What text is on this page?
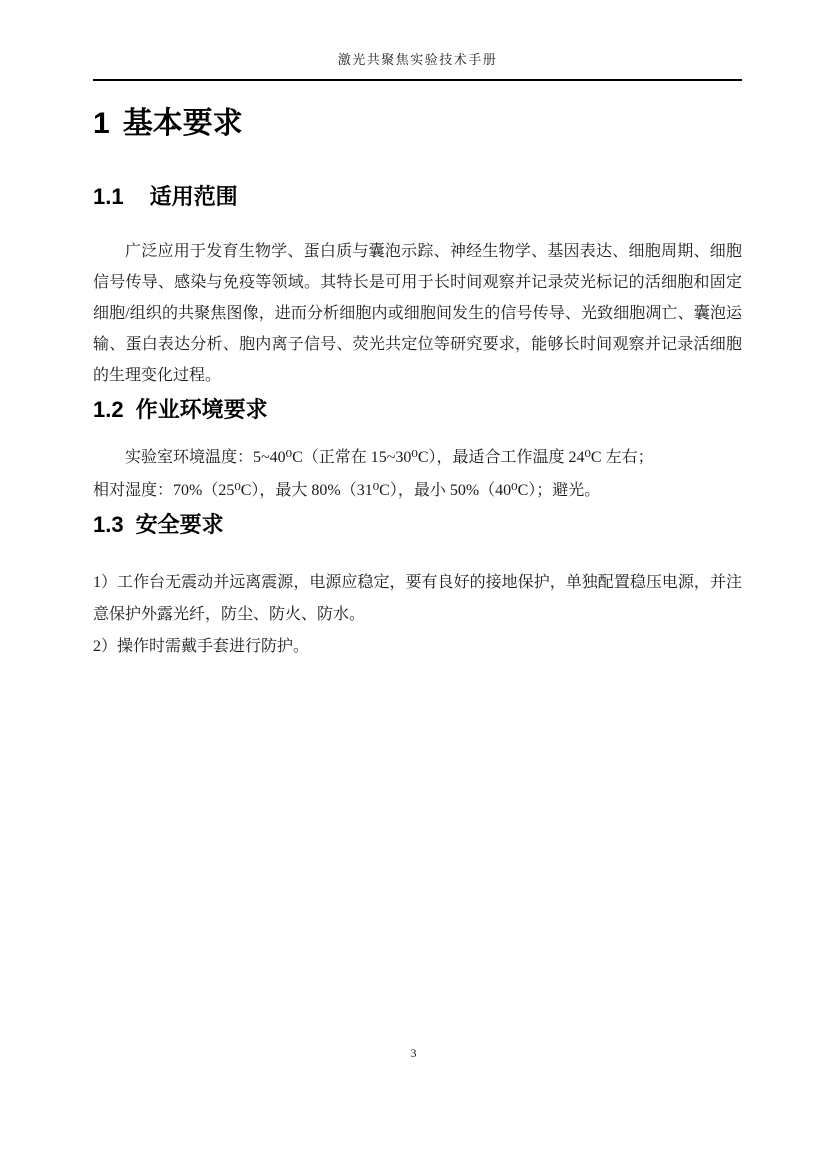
激光共聚焦实验技术手册
1 基本要求
1.1 适用范围

广泛应用于发育生物学、蛋白质与囊泡示踪、神经生物学、基因表达、细胞周期、细胞信号传导、感染与免疫等领域。其特长是可用于长时间观察并记录荧光标记的活细胞和固定细胞/组织的共聚焦图像，进而分析细胞内或细胞间发生的信号传导、光致细胞凋亡、囊泡运输、蛋白表达分析、胞内离子信号、荧光共定位等研究要求，能够长时间观察并记录活细胞的生理变化过程。

1.2 作业环境要求
实验室环境温度：5~40⁰C（正常在 15~30⁰C），最适合工作温度 24⁰C 左右；
相对湿度：70%（25⁰C），最大 80%（31⁰C），最小 50%（40⁰C）；避光。
1.3 安全要求

1）工作台无震动并远离震源，电源应稳定，要有良好的接地保护，单独配置稳压电源，并注意保护外露光纤，防尘、防火、防水。

2）操作时需戴手套进行防护。

3
